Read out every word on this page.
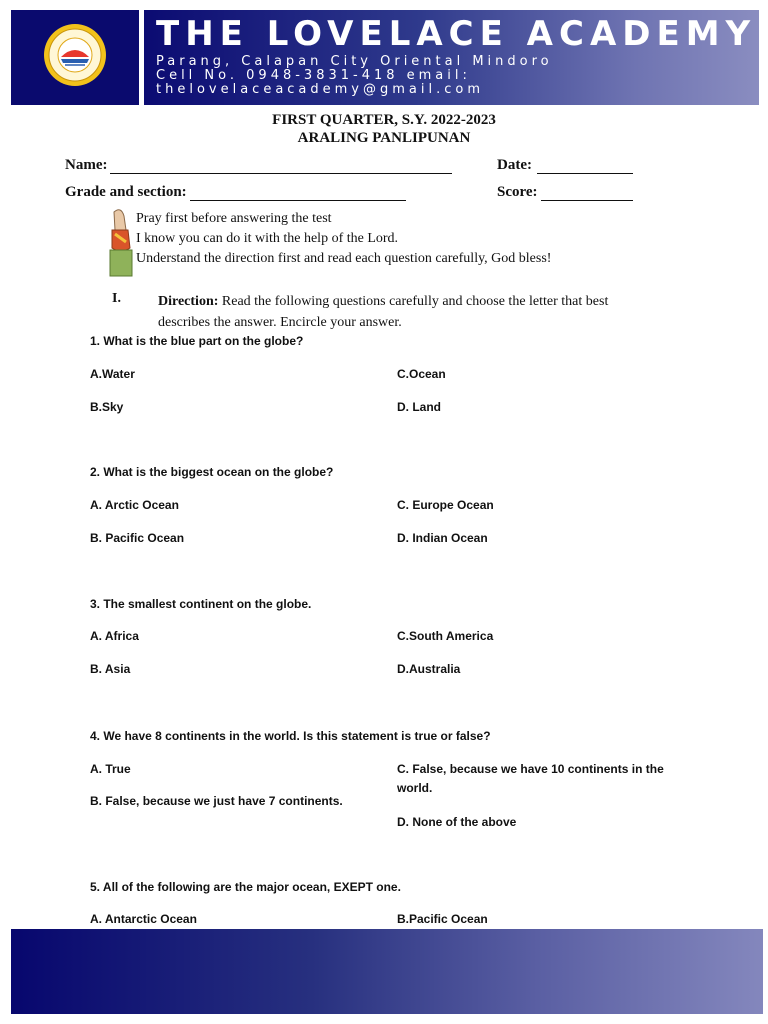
THE LOVELACE ACADEMY
Parang, Calapan City Oriental Mindoro
Cell No. 0948-3831-418 email:
thelovelaceacademy@gmail.com
FIRST QUARTER, S.Y. 2022-2023
ARALING PANLIPUNAN
Name:	Date:
Grade and section:	Score:
Pray first before answering the test
I know you can do it with the help of the Lord.
Understand the direction first and read each question carefully, God bless!
I.	Direction: Read the following questions carefully and choose the letter that best describes the answer. Encircle your answer.
1. What is the blue part on the globe?
A.Water	C.Ocean
B.Sky	D. Land
2. What is the biggest ocean on the globe?
A. Arctic Ocean	C. Europe Ocean
B. Pacific Ocean	D. Indian Ocean
3. The smallest continent on the globe.
A. Africa	C.South America
B. Asia	D.Australia
4. We have 8 continents in the world. Is this statement is true or false?
A. True	C. False, because we have 10 continents in the world.
B. False, because we just have 7 continents.
D. None of the above
5. All of the following are the major ocean, EXEPT one.
A. Antarctic Ocean	B.Pacific Ocean
